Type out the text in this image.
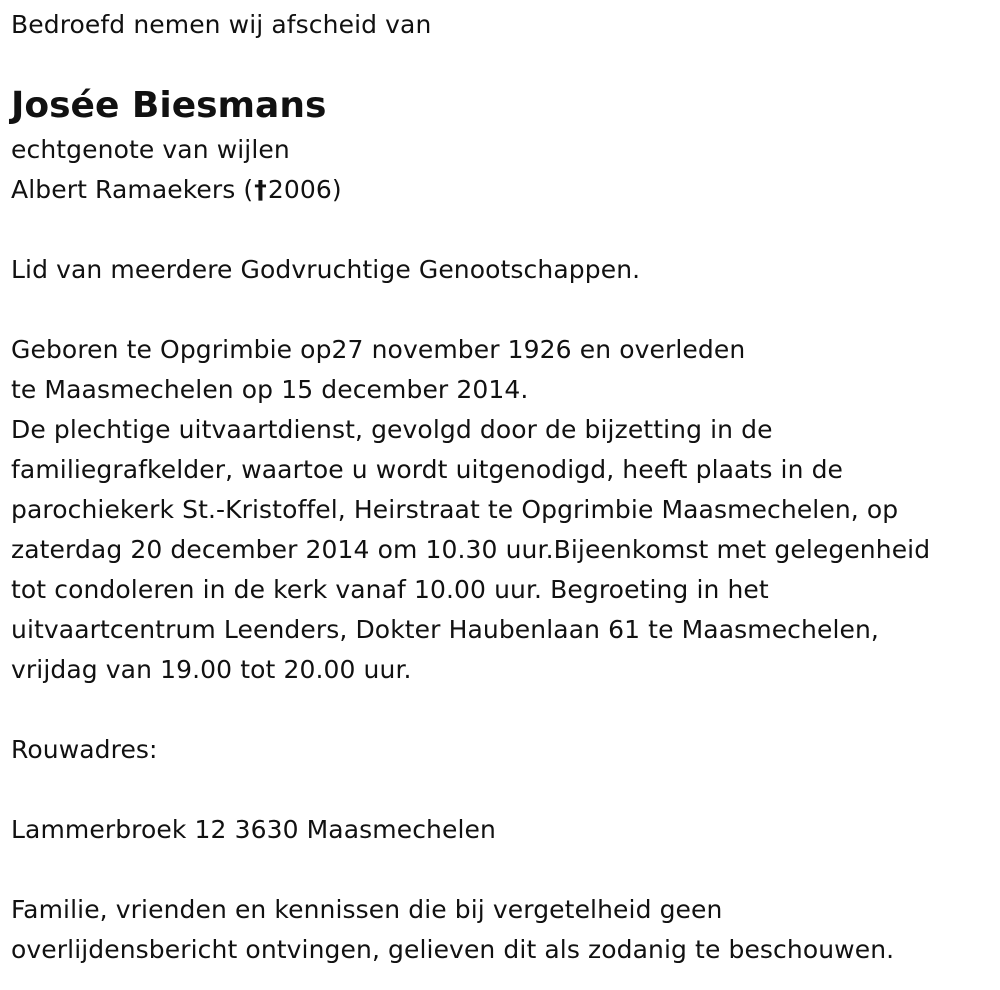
Bedroefd nemen wij afscheid van
Josée Biesmans
echtgenote van wijlen
Albert Ramaekers (†2006)
Lid van meerdere Godvruchtige Genootschappen.
Geboren te Opgrimbie op27 november 1926 en overleden
te Maasmechelen op 15 december 2014.
De plechtige uitvaartdienst, gevolgd door de bijzetting in de
familiegrafkelder, waartoe u wordt uitgenodigd, heeft plaats in de
parochiekerk St.-Kristoffel, Heirstraat te Opgrimbie Maasmechelen, op
zaterdag 20 december 2014 om 10.30 uur.Bijeenkomst met gelegenheid
tot condoleren in de kerk vanaf 10.00 uur. Begroeting in het
uitvaartcentrum Leenders, Dokter Haubenlaan 61 te Maasmechelen,
vrijdag van 19.00 tot 20.00 uur.
Rouwadres:
Lammerbroek 12 3630 Maasmechelen
Familie, vrienden en kennissen die bij vergetelheid geen
overlijdensbericht ontvingen, gelieven dit als zodanig te beschouwen.
